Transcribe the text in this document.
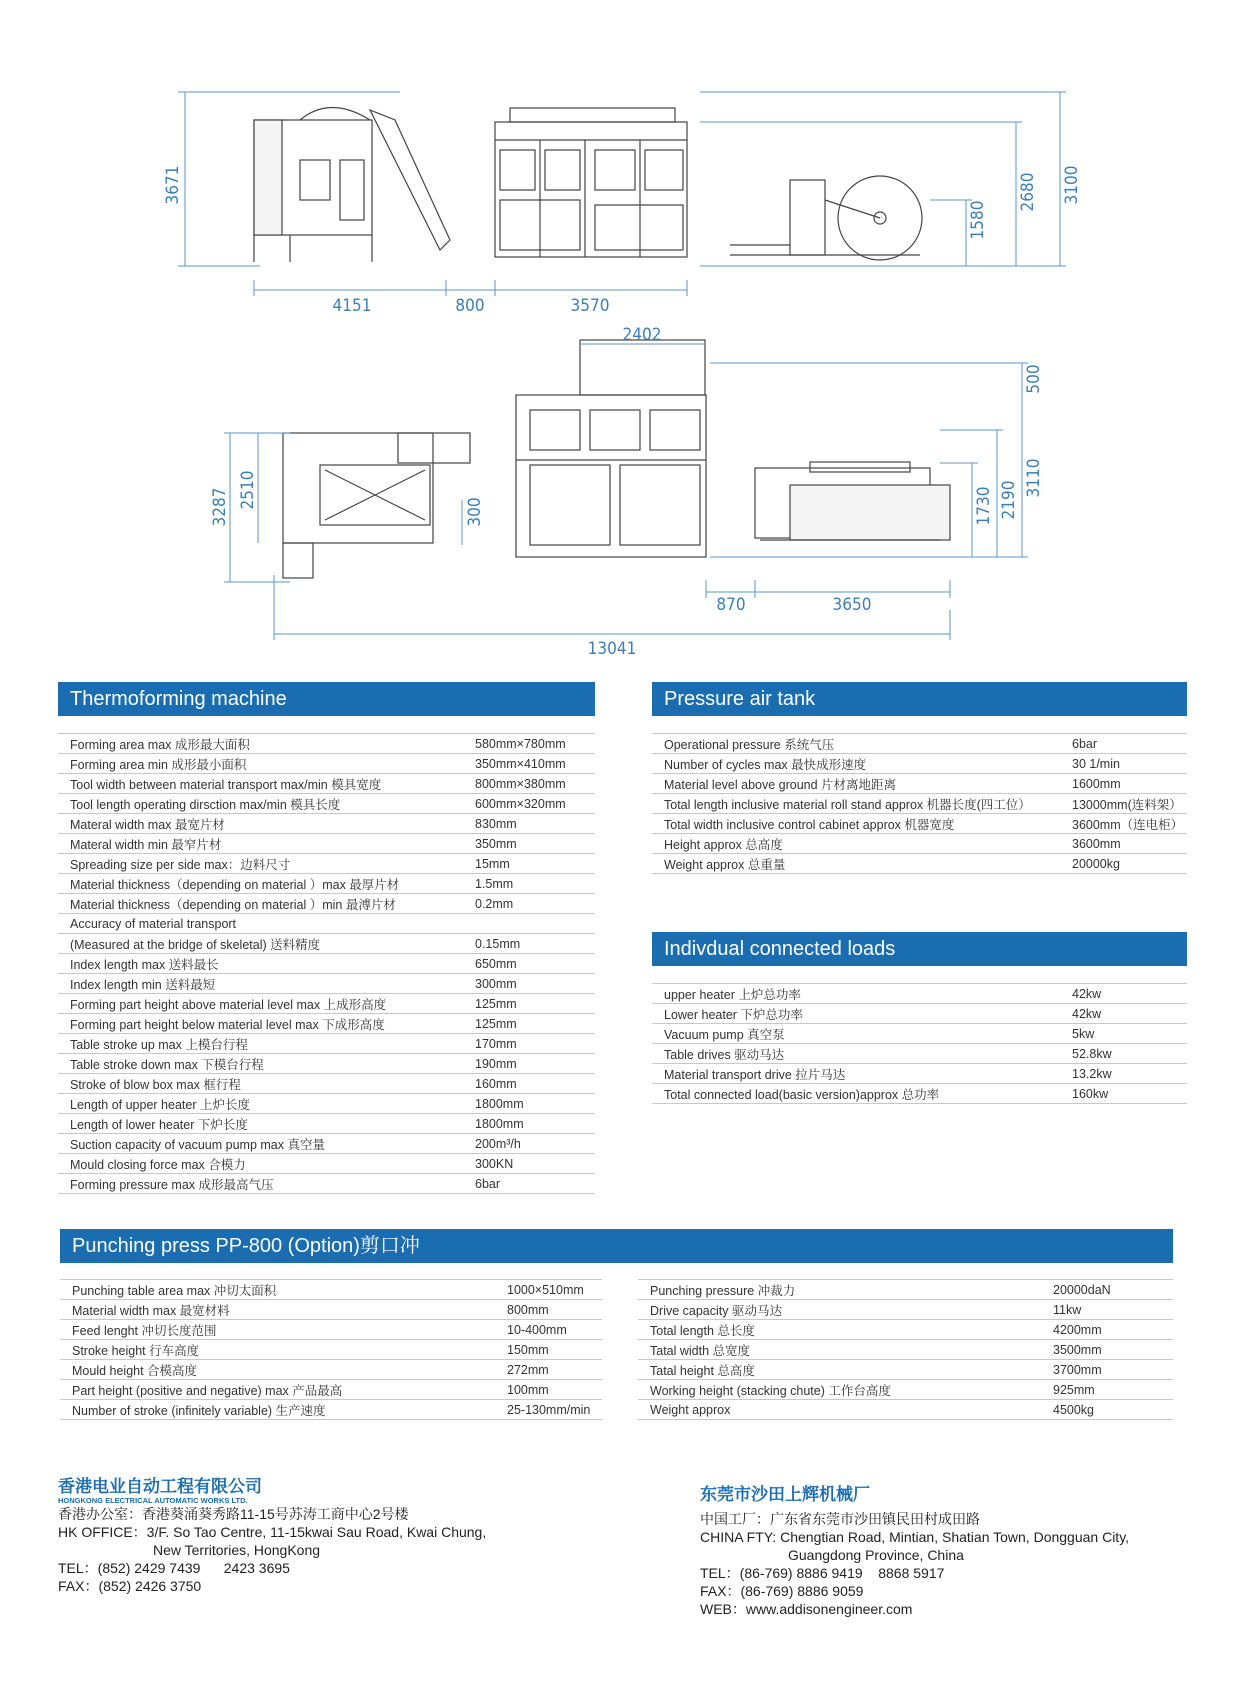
3671
4151	800	3570
1580
2680 3100
2402
500
3287 2510
300	1730 2190
3110
870	3650
13041
Thermoforming machine
Forming area max 成形最大面积	580mm×780mm
Forming area min 成形最小面积	350mm×410mm
Tool width between material transport max/min 模具宽度	800mm×380mm
Tool length operating dirsction max/min 模具长度	600mm×320mm
Materal width max 最宽片材	830mm
Materal width min 最窄片材	350mm
Spreading size per side max：边料尺寸	15mm
Material thickness（depending on material ）max 最厚片材	1.5mm
Material thickness（depending on material ）min 最溥片材	0.2mm
Accuracy of material transport	
(Measured at the bridge of skeletal) 送料精度	0.15mm
Index length max 送料最长	650mm
Index length min 送料最短	300mm
Forming part height above material level max 上成形高度	125mm
Forming part height below material level max 下成形高度	125mm
Table stroke up max 上模台行程	170mm
Table stroke down max 下模台行程	190mm
Stroke of blow box max 框行程	160mm
Length of upper heater 上炉长度	1800mm
Length of lower heater 下炉长度	1800mm
Suction capacity of vacuum pump max 真空量	200m³/h
Mould closing force max 合模力	300KN
Forming pressure max 成形最高气压	6bar
Pressure air tank
Operational pressure 系统气压	6bar
Number of cycles max 最快成形速度	30 1/min
Material level above ground 片材离地距离	1600mm
Total length inclusive material roll stand approx 机器长度(四工位）	13000mm(连料架）
Total width inclusive control cabinet approx 机器宽度	3600mm（连电柜）
Height approx 总高度	3600mm
Weight approx 总重量	20000kg
Indivdual connected loads
upper heater 上炉总功率	42kw
Lower heater 下炉总功率	42kw
Vacuum pump 真空泵	5kw
Table drives 驱动马达	52.8kw
Material transport drive 拉片马达	13.2kw
Total connected load(basic version)approx 总功率	160kw
Punching press PP-800 (Option)剪口冲
Punching table area max 冲切太面积	1000×510mm
Material width max 最宽材料	800mm
Feed lenght 冲切长度范围	10-400mm
Stroke height 行车高度	150mm
Mould height 合模高度	272mm
Part height (positive and negative) max 产品最高	100mm
Number of stroke (infinitely variable) 生产速度	25-130mm/min
Punching pressure 冲裁力	20000daN
Drive capacity 驱动马达	11kw
Total length 总长度	4200mm
Tatal width 总宽度	3500mm
Tatal height 总高度	3700mm
Working height (stacking chute) 工作台高度	925mm
Weight approx	4500kg
香港电业自动工程有限公司
HONGKONG ELECTRICAL AUTOMATIC WORKS LTD.
香港办公室：香港葵涌葵秀路11-15号苏涛工商中心2号楼
HK OFFICE：3/F. So Tao Centre, 11-15kwai Sau Road, Kwai Chung,
New Territories, HongKong
TEL：(852) 2429 7439      2423 3695
FAX：(852) 2426 3750
东莞市沙田上辉机械厂
中国工厂：广东省东莞市沙田镇民田村成田路
CHINA FTY: Chengtian Road, Mintian, Shatian Town, Dongguan City,
Guangdong Province, China
TEL：(86-769) 8886 9419    8868 5917
FAX：(86-769) 8886 9059
WEB：www.addisonengineer.com
